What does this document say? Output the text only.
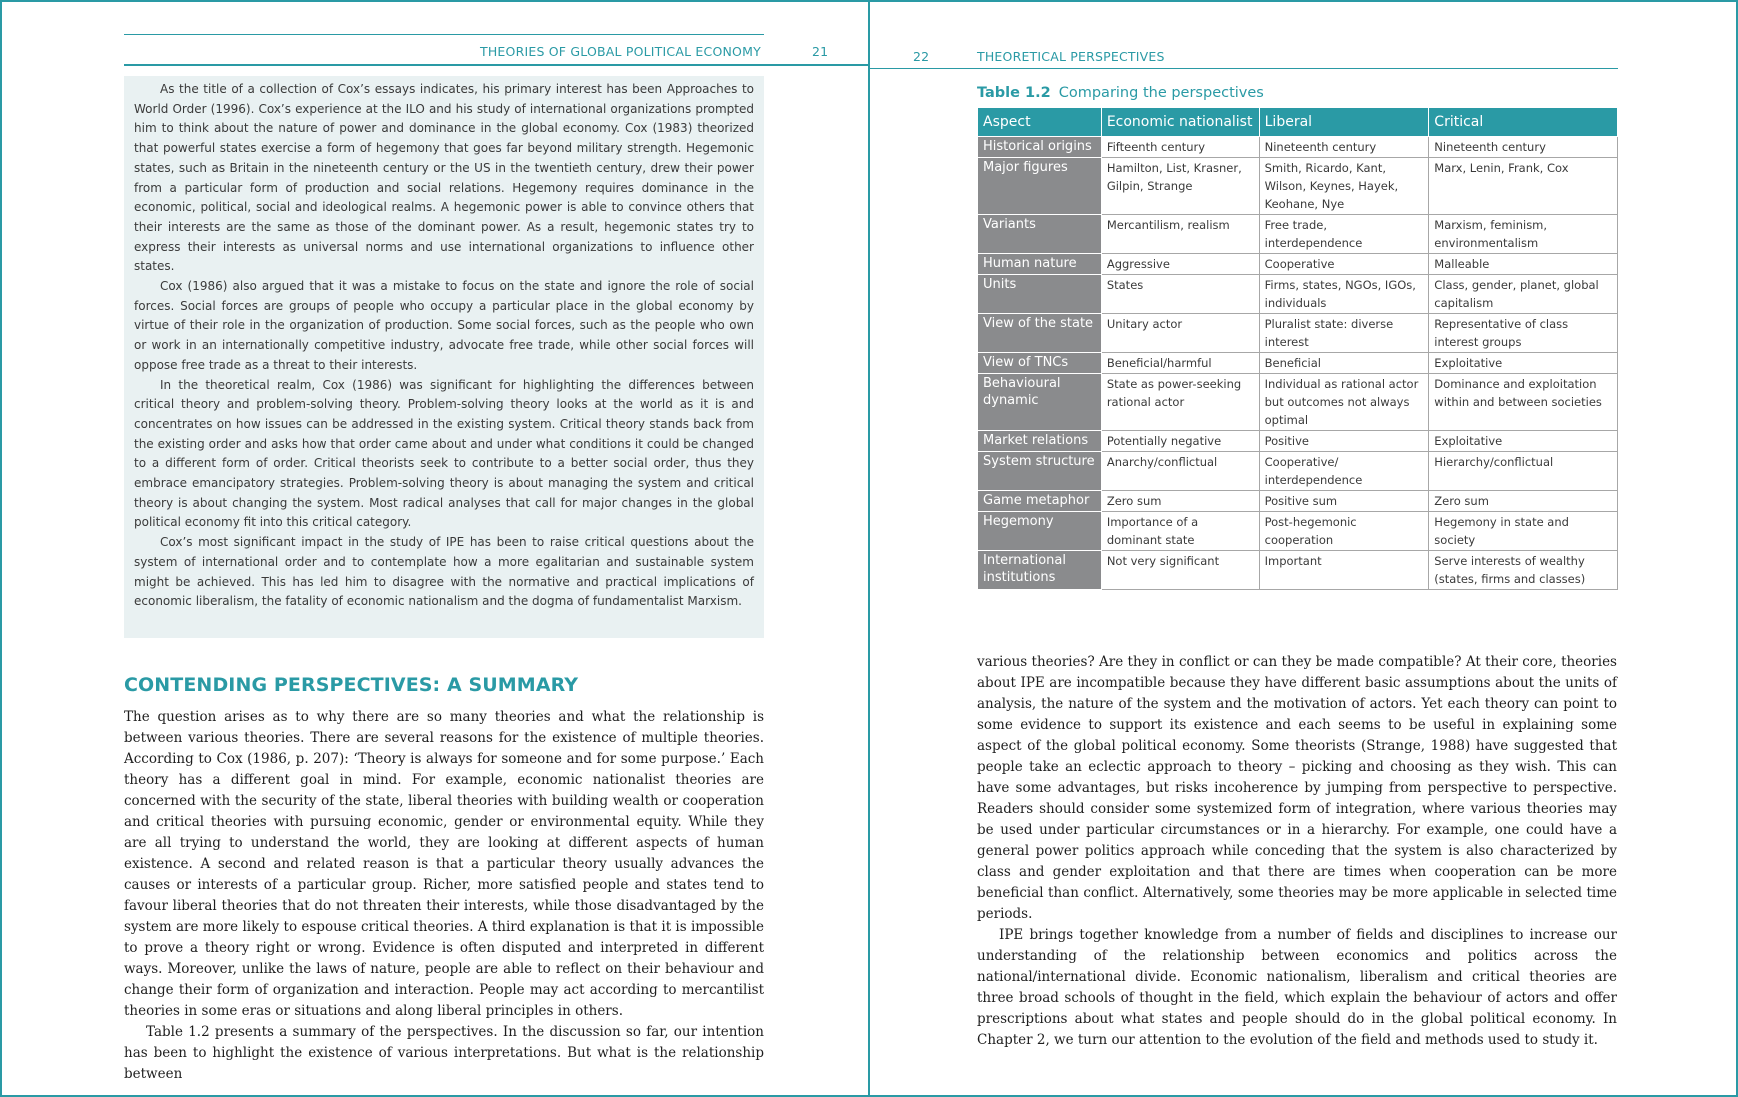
THEORIES OF GLOBAL POLITICAL ECONOMY	21

As the title of a collection of Cox’s essays indicates, his primary interest has been Approaches to World Order (1996). Cox’s experience at the ILO and his study of international organizations prompted him to think about the nature of power and dominance in the global economy. Cox (1983) theorized that powerful states exercise a form of hegemony that goes far beyond military strength. Hegemonic states, such as Britain in the nineteenth century or the US in the twentieth century, drew their power from a particular form of production and social relations. Hegemony requires dominance in the economic, political, social and ideological realms. A hegemonic power is able to convince others that their interests are the same as those of the dominant power. As a result, hegemonic states try to express their interests as universal norms and use international organizations to influence other states.

Cox (1986) also argued that it was a mistake to focus on the state and ignore the role of social forces. Social forces are groups of people who occupy a particular place in the global economy by virtue of their role in the organization of production. Some social forces, such as the people who own or work in an internationally competitive industry, advocate free trade, while other social forces will oppose free trade as a threat to their interests.

In the theoretical realm, Cox (1986) was significant for highlighting the differences between critical theory and problem-solving theory. Problem-solving theory looks at the world as it is and concentrates on how issues can be addressed in the existing system. Critical theory stands back from the existing order and asks how that order came about and under what conditions it could be changed to a different form of order. Critical theorists seek to contribute to a better social order, thus they embrace emancipatory strategies. Problem-solving theory is about managing the system and critical theory is about changing the system. Most radical analyses that call for major changes in the global political economy fit into this critical category.

Cox’s most significant impact in the study of IPE has been to raise critical questions about the system of international order and to contemplate how a more egalitarian and sustainable system might be achieved. This has led him to disagree with the normative and practical implications of economic liberalism, the fatality of economic nationalism and the dogma of fundamentalist Marxism.

CONTENDING PERSPECTIVES: A SUMMARY

The question arises as to why there are so many theories and what the relationship is between various theories. There are several reasons for the existence of multiple theories. According to Cox (1986, p. 207): ‘Theory is always for someone and for some purpose.’ Each theory has a different goal in mind. For example, economic nationalist theories are concerned with the security of the state, liberal theories with building wealth or cooperation and critical theories with pursuing economic, gender or environmental equity. While they are all trying to understand the world, they are looking at different aspects of human existence. A second and related reason is that a particular theory usually advances the causes or interests of a particular group. Richer, more satisfied people and states tend to favour liberal theories that do not threaten their interests, while those disadvantaged by the system are more likely to espouse critical theories. A third explanation is that it is impossible to prove a theory right or wrong. Evidence is often disputed and interpreted in different ways. Moreover, unlike the laws of nature, people are able to reflect on their behaviour and change their form of organization and interaction. People may act according to mercantilist theories in some eras or situations and along liberal principles in others.

Table 1.2 presents a summary of the perspectives. In the discussion so far, our intention has been to highlight the existence of various interpretations. But what is the relationship between

22	THEORETICAL PERSPECTIVES
Table 1.2 Comparing the perspectives
Aspect	Economic nationalist	Liberal	Critical
Historical origins	Fifteenth century	Nineteenth century	Nineteenth century
Major figures	Hamilton, List, Krasner, Gilpin, Strange	Smith, Ricardo, Kant, Wilson, Keynes, Hayek, Keohane, Nye	Marx, Lenin, Frank, Cox
Variants	Mercantilism, realism	Free trade, interdependence	Marxism, feminism, environmentalism
Human nature	Aggressive	Cooperative	Malleable
Units	States	Firms, states, NGOs, IGOs, individuals	Class, gender, planet, global capitalism
View of the state	Unitary actor	Pluralist state: diverse interest	Representative of class interest groups
View of TNCs	Beneficial/harmful	Beneficial	Exploitative
Behavioural dynamic	State as power-seeking rational actor	Individual as rational actor but outcomes not always optimal	Dominance and exploitation within and between societies
Market relations	Potentially negative	Positive	Exploitative
System structure	Anarchy/conflictual	Cooperative/ interdependence	Hierarchy/conflictual
Game metaphor	Zero sum	Positive sum	Zero sum
Hegemony	Importance of a dominant state	Post-hegemonic cooperation	Hegemony in state and society
International institutions	Not very significant	Important	Serve interests of wealthy (states, firms and classes)

various theories? Are they in conflict or can they be made compatible? At their core, theories about IPE are incompatible because they have different basic assumptions about the units of analysis, the nature of the system and the motivation of actors. Yet each theory can point to some evidence to support its existence and each seems to be useful in explaining some aspect of the global political economy. Some theorists (Strange, 1988) have suggested that people take an eclectic approach to theory – picking and choosing as they wish. This can have some advantages, but risks incoherence by jumping from perspective to perspective. Readers should consider some systemized form of integration, where various theories may be used under particular circumstances or in a hierarchy. For example, one could have a general power politics approach while conceding that the system is also characterized by class and gender exploitation and that there are times when cooperation can be more beneficial than conflict. Alternatively, some theories may be more applicable in selected time periods.

IPE brings together knowledge from a number of fields and disciplines to increase our understanding of the relationship between economics and politics across the national/international divide. Economic nationalism, liberalism and critical theories are three broad schools of thought in the field, which explain the behaviour of actors and offer prescriptions about what states and people should do in the global political economy. In Chapter 2, we turn our attention to the evolution of the field and methods used to study it.
